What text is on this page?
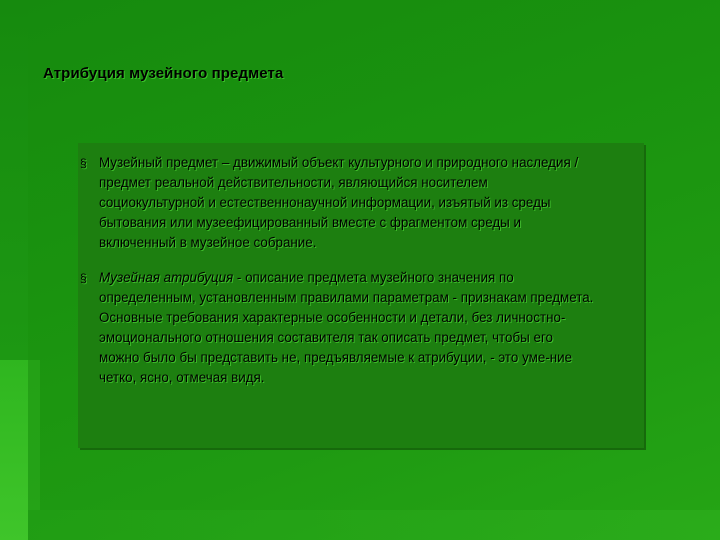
Атрибуция музейного предмета
§ Музейный предмет – движимый объект культурного и природного наследия /
предмет реальной действительности, являющийся носителем
социокультурной и естественнонаучной информации, изъятый из среды
бытования или музеефицированный вместе с фрагментом среды и
включенный в музейное собрание.
§ Музейная атрибуция - описание предмета музейного значения по
определенным, установленным правилами параметрам - признакам предмета.
Основные требования характерные особенности и детали, без личностно-
эмоционального отношения составителя так описать предмет, чтобы его
можно было бы представить не, предъявляемые к атрибуции, - это уме-ние
четко, ясно, отмечая видя.
